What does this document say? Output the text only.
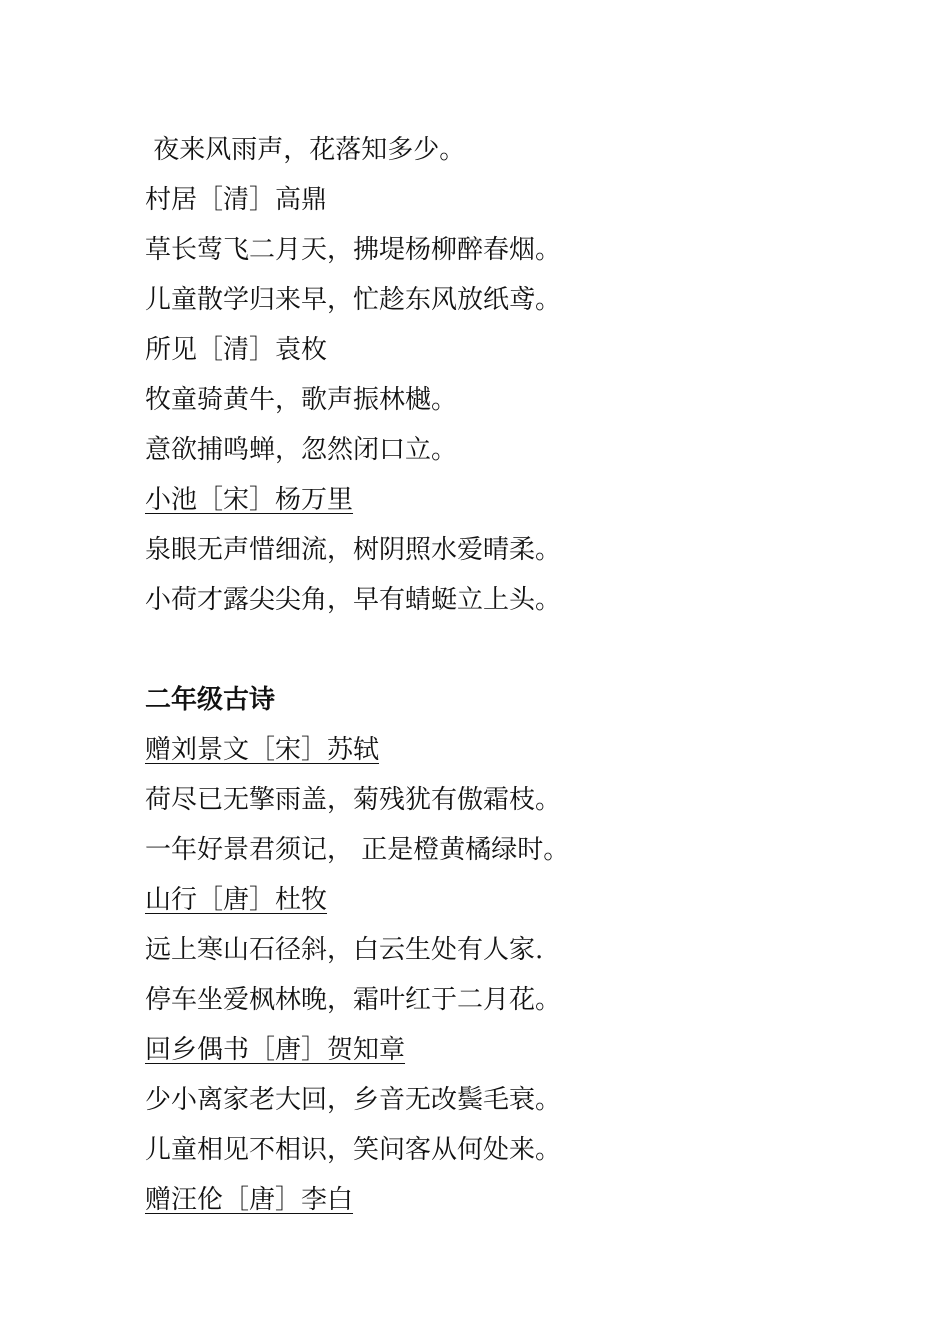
夜来风雨声，花落知多少。
村居［清］高鼎
草长莺飞二月天，拂堤杨柳醉春烟。
儿童散学归来早，忙趁东风放纸鸢。
所见［清］袁枚
牧童骑黄牛，歌声振林樾。
意欲捕鸣蝉，忽然闭口立。
小池［宋］杨万里
泉眼无声惜细流，树阴照水爱晴柔。
小荷才露尖尖角，早有蜻蜓立上头。
二年级古诗
赠刘景文［宋］苏轼
荷尽已无擎雨盖，菊残犹有傲霜枝。
一年好景君须记， 正是橙黄橘绿时。
山行［唐］杜牧
远上寒山石径斜，白云生处有人家.
停车坐爱枫林晚，霜叶红于二月花。
回乡偶书［唐］贺知章
少小离家老大回，乡音无改鬓毛衰。
儿童相见不相识，笑问客从何处来。
赠汪伦［唐］李白
